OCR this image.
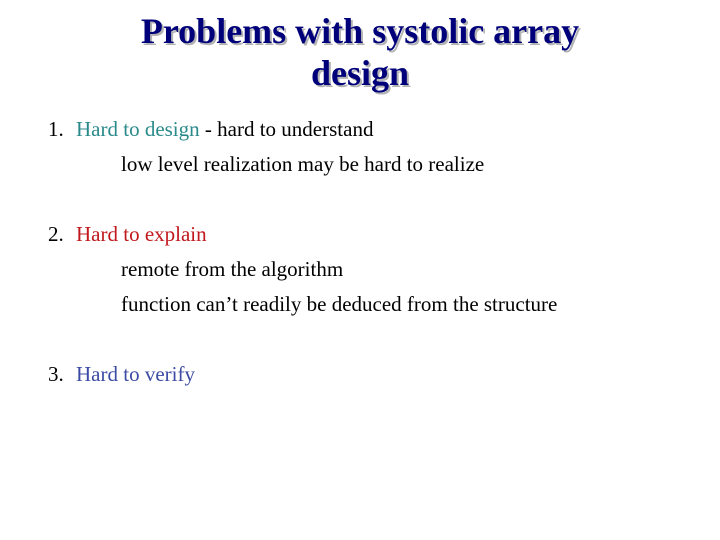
Problems with systolic array
design
1. Hard to design - hard to understand
low level realization may be hard to realize
2. Hard to explain
remote from the algorithm
function can’t readily be deduced from the structure
3. Hard to verify
